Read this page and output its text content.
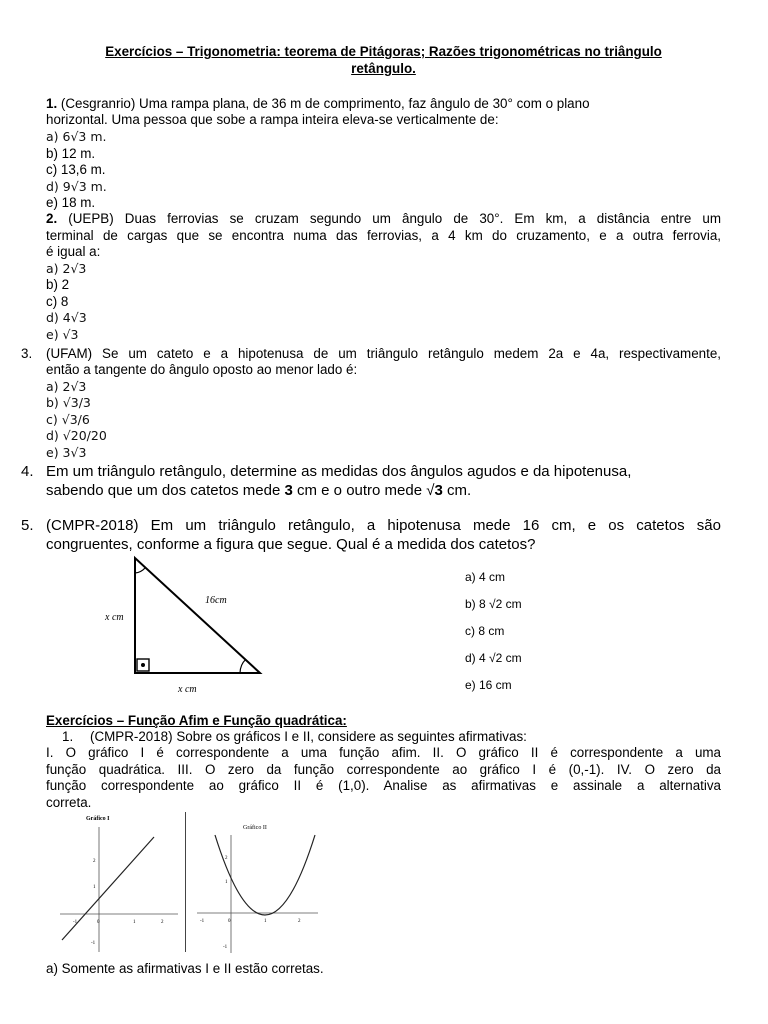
Exercícios – Trigonometria: teorema de Pitágoras; Razões trigonométricas no triângulo
retângulo.
1. (Cesgranrio) Uma rampa plana, de 36 m de comprimento, faz ângulo de 30° com o plano
horizontal. Uma pessoa que sobe a rampa inteira eleva-se verticalmente de:
a) 6√3 m.
b) 12 m.
c) 13,6 m.
d) 9√3 m.
e) 18 m.
2. (UEPB) Duas ferrovias se cruzam segundo um ângulo de 30°. Em km, a distância entre um
terminal de cargas que se encontra numa das ferrovias, a 4 km do cruzamento, e a outra ferrovia,
é igual a:
a) 2√3
b) 2
c) 8
d) 4√3
e) √3
3. (UFAM) Se um cateto e a hipotenusa de um triângulo retângulo medem 2a e 4a, respectivamente,
então a tangente do ângulo oposto ao menor lado é:
a) 2√3
b) √3/3
c) √3/6
d) √20/20
e) 3√3
4. Em um triângulo retângulo, determine as medidas dos ângulos agudos e da hipotenusa,
sabendo que um dos catetos mede 3 cm e o outro mede √3 cm.
5. (CMPR-2018) Em um triângulo retângulo, a hipotenusa mede 16 cm, e os catetos são
congruentes, conforme a figura que segue. Qual é a medida dos catetos?
16cm
x cm
x cm
a) 4 cm
b) 8 √2 cm
c) 8 cm
d) 4 √2 cm
e) 16 cm
Exercícios – Função Afim e Função quadrática:
1. (CMPR-2018) Sobre os gráficos I e II, considere as seguintes afirmativas:
I. O gráfico I é correspondente a uma função afim. II. O gráfico II é correspondente a uma
função quadrática. III. O zero da função correspondente ao gráfico I é (0,-1). IV. O zero da
função correspondente ao gráfico II é (1,0). Analise as afirmativas e assinale a alternativa
correta.
Gráfico I
-1	0	1	2
2
1
-1
Gráfico II
-1	0	1	2
2
1
-1
a) Somente as afirmativas I e II estão corretas.
